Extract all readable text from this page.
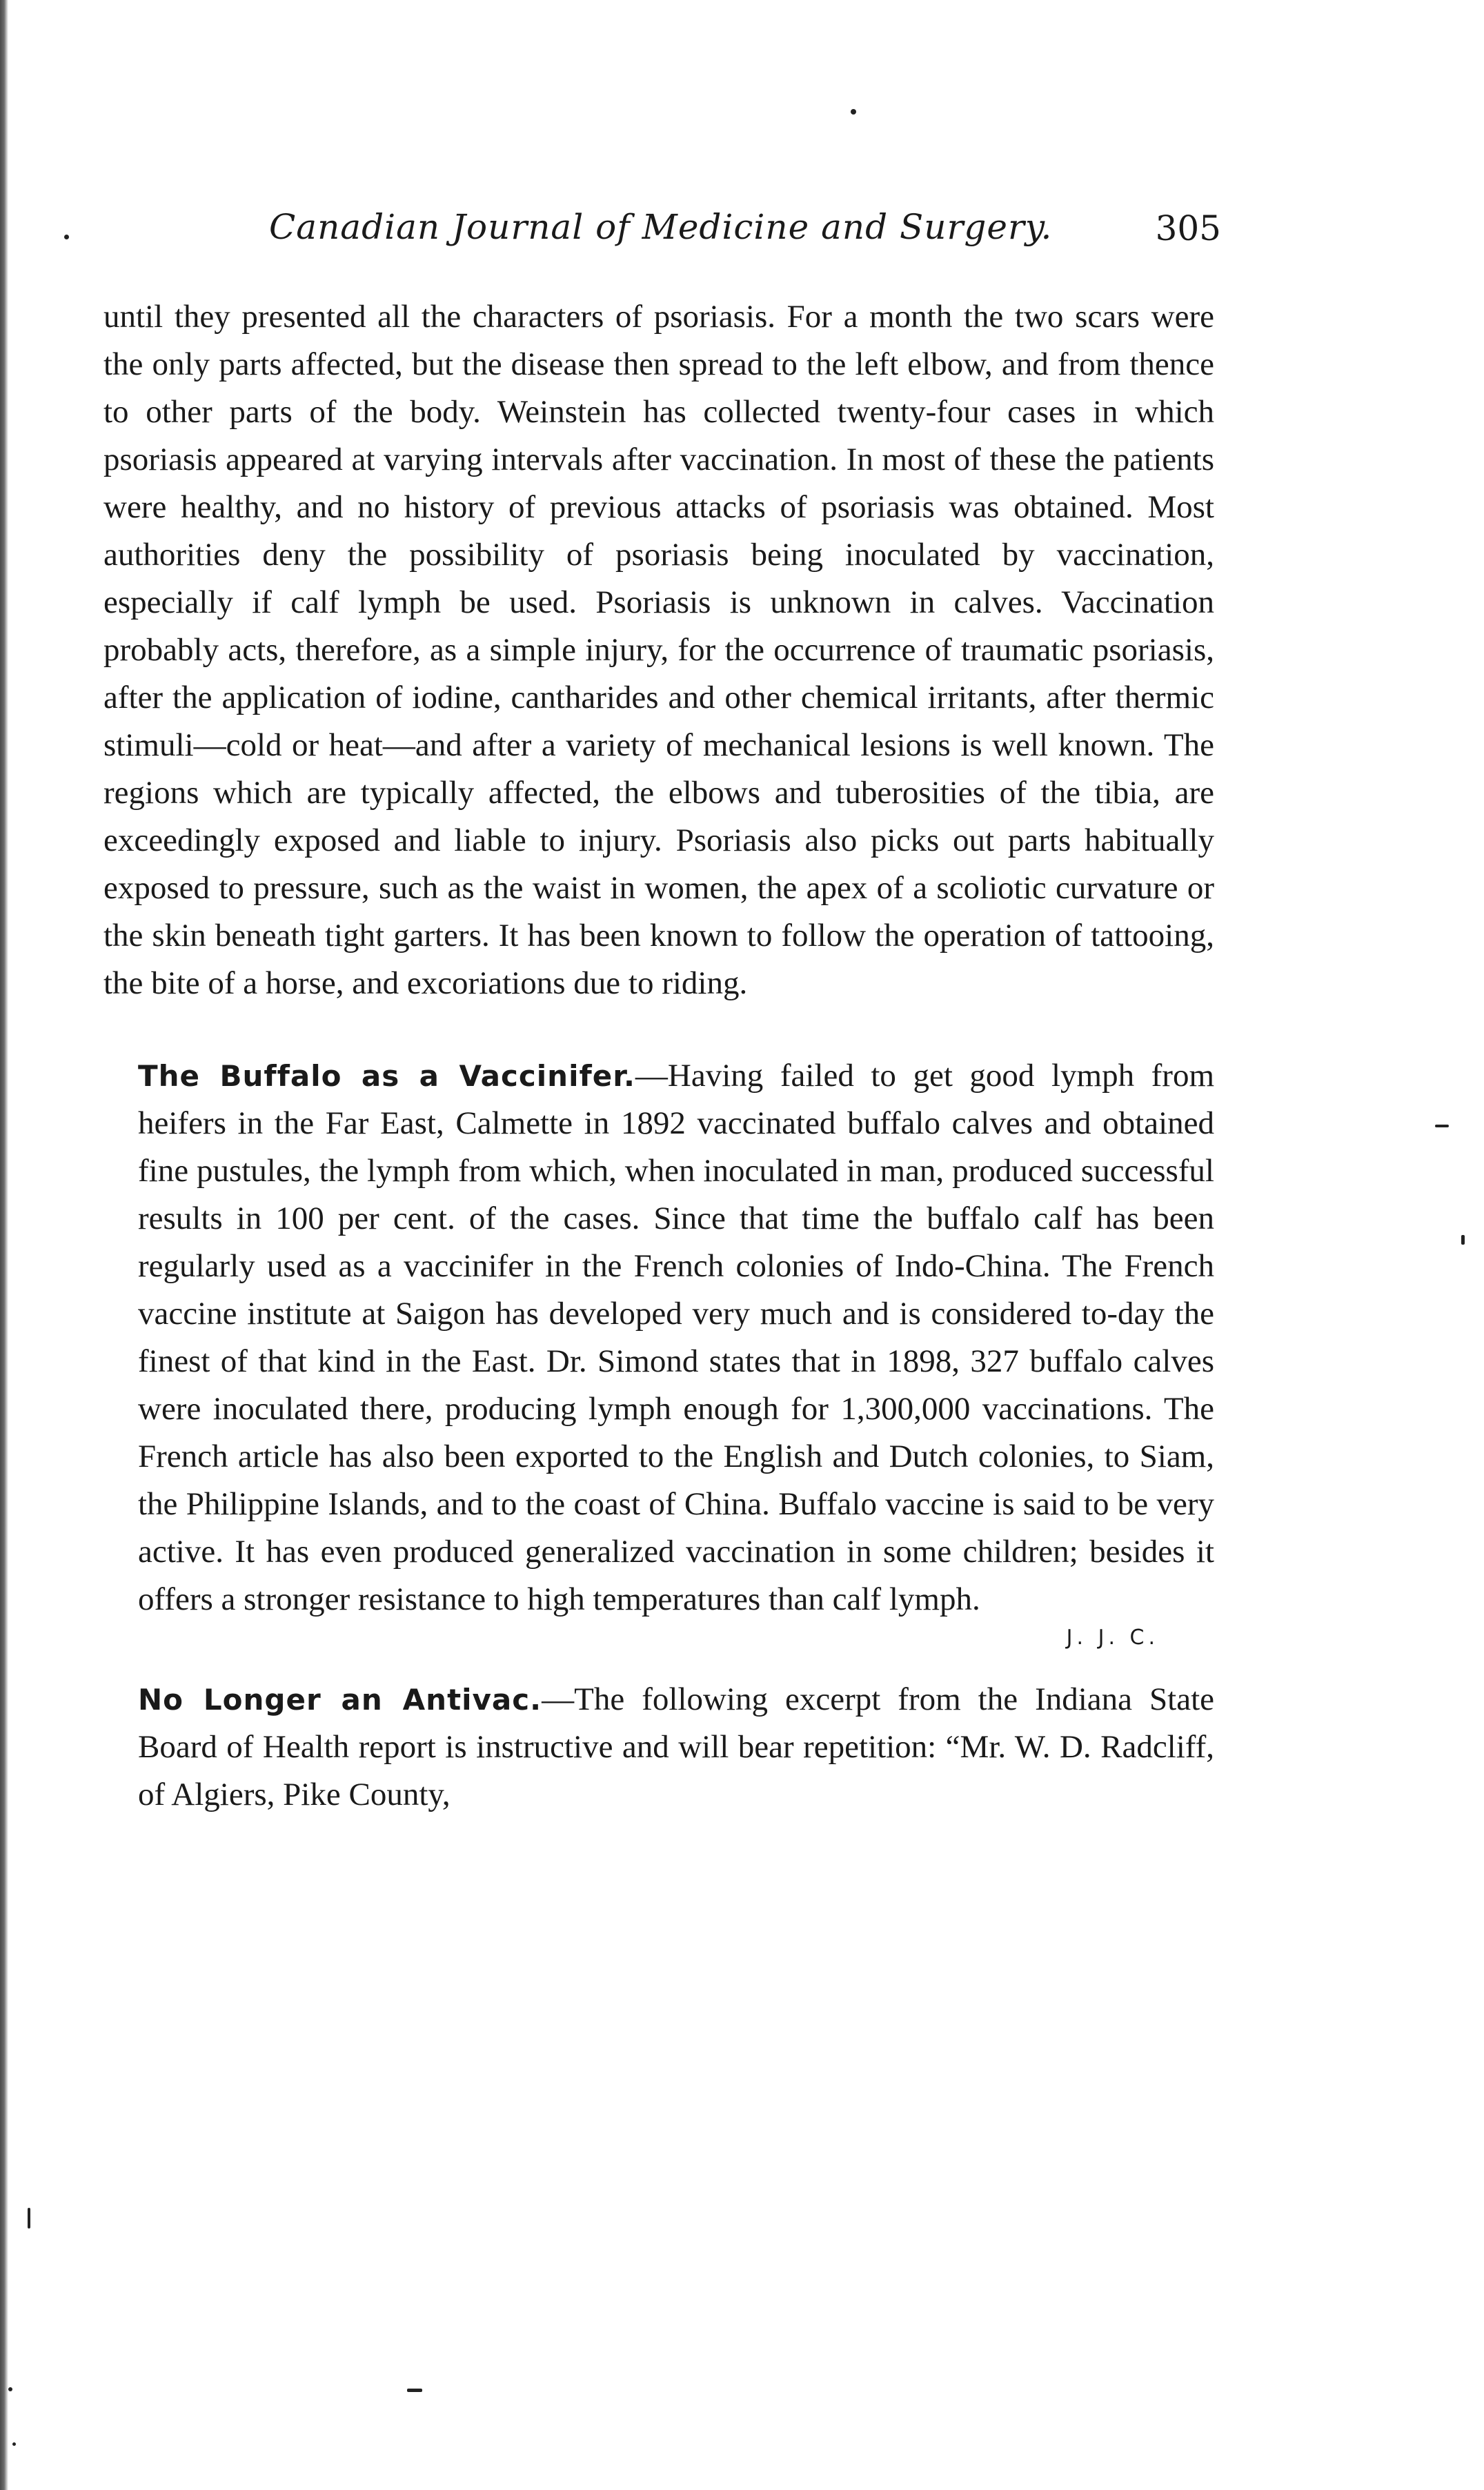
Canadian Journal of Medicine and Surgery.	305

until they presented all the characters of psoriasis. For a month the two scars were the only parts affected, but the disease then spread to the left elbow, and from thence to other parts of the body. Weinstein has collected twenty-four cases in which psoriasis appeared at varying intervals after vaccination. In most of these the patients were healthy, and no history of previous attacks of psoriasis was obtained. Most authorities deny the possibility of psoriasis being inoculated by vaccination, especially if calf lymph be used. Psoriasis is unknown in calves. Vaccination probably acts, therefore, as a simple injury, for the occurrence of traumatic psoriasis, after the application of iodine, cantharides and other chemical irritants, after thermic stimuli—cold or heat—and after a variety of mechanical lesions is well known. The regions which are typically affected, the elbows and tuberosities of the tibia, are exceedingly exposed and liable to injury. Psoriasis also picks out parts habitually exposed to pressure, such as the waist in women, the apex of a scoliotic curvature or the skin beneath tight garters. It has been known to follow the operation of tattooing, the bite of a horse, and excoriations due to riding.

The Buffalo as a Vaccinifer.—Having failed to get good lymph from heifers in the Far East, Calmette in 1892 vaccinated buffalo calves and obtained fine pustules, the lymph from which, when inoculated in man, produced successful results in 100 per cent. of the cases. Since that time the buffalo calf has been regularly used as a vaccinifer in the French colonies of Indo-China. The French vaccine institute at Saigon has developed very much and is considered to-day the finest of that kind in the East. Dr. Simond states that in 1898, 327 buffalo calves were inoculated there, producing lymph enough for 1,300,000 vaccinations. The French article has also been exported to the English and Dutch colonies, to Siam, the Philippine Islands, and to the coast of China. Buffalo vaccine is said to be very active. It has even produced generalized vaccination in some children; besides it offers a stronger resistance to high temperatures than calf lymph.
J. J. C.

No Longer an Antivac.—The following excerpt from the Indiana State Board of Health report is instructive and will bear repetition: “Mr. W. D. Radcliff, of Algiers, Pike County,
